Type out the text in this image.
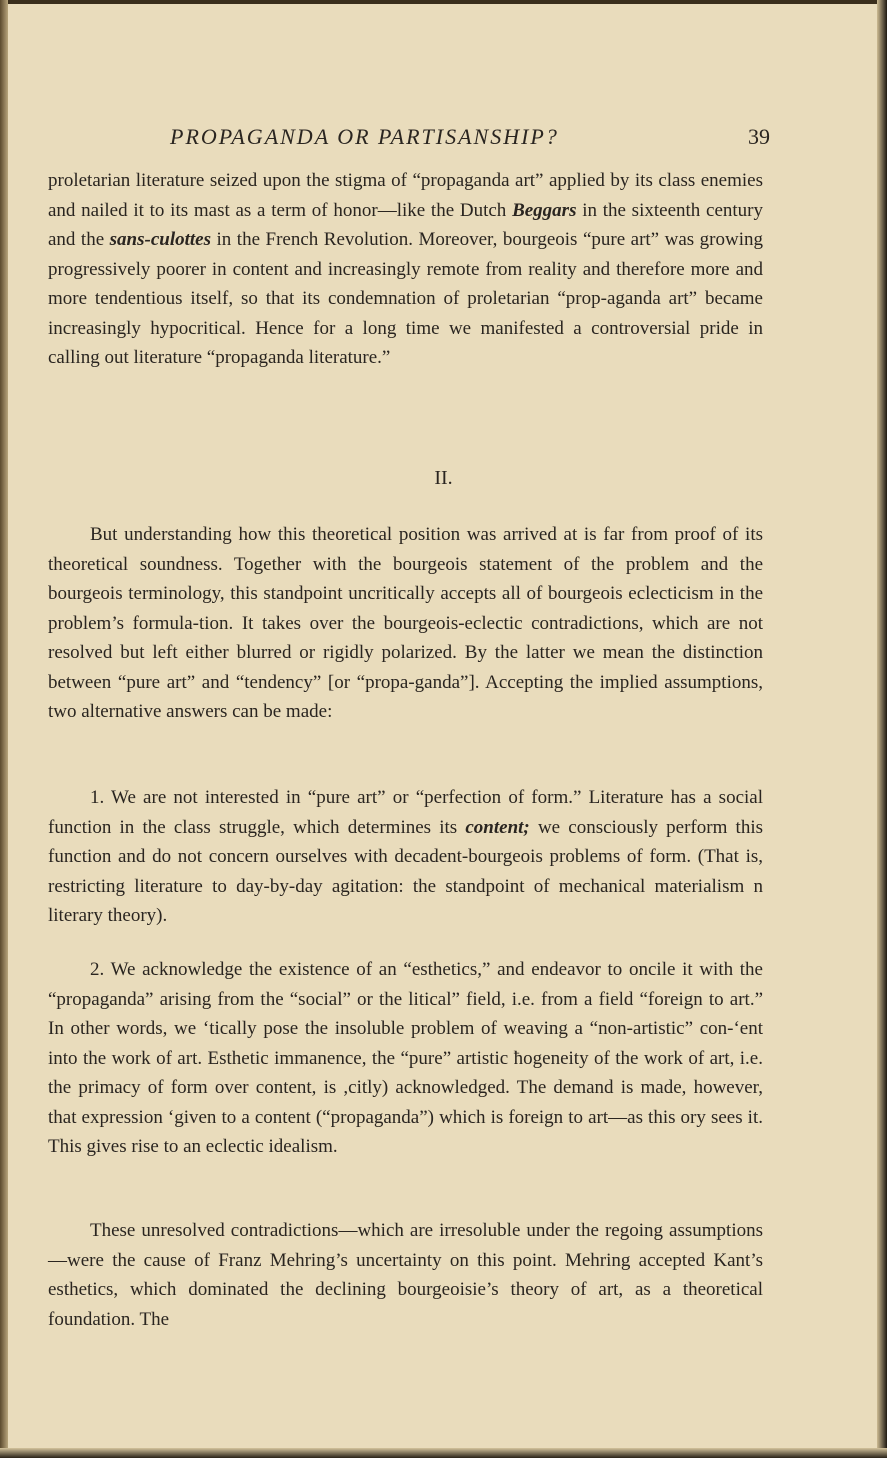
PROPAGANDA OR PARTISANSHIP?	39

proletarian literature seized upon the stigma of “propaganda art” applied by its class enemies and nailed it to its mast as a term of honor—like the Dutch Beggars in the sixteenth century and the sans-culottes in the French Revolution. Moreover, bourgeois “pure art” was growing progressively poorer in content and increasingly remote from reality and therefore more and more tendentious itself, so that its condemnation of proletarian “prop-aganda art” became increasingly hypocritical. Hence for a long time we manifested a controversial pride in calling out literature “propaganda literature.”

II.

But understanding how this theoretical position was arrived at is far from proof of its theoretical soundness. Together with the bourgeois statement of the problem and the bourgeois terminology, this standpoint uncritically accepts all of bourgeois eclecticism in the problem’s formula-tion. It takes over the bourgeois-eclectic contradictions, which are not resolved but left either blurred or rigidly polarized. By the latter we mean the distinction between “pure art” and “tendency” [or “propa-ganda”]. Accepting the implied assumptions, two alternative answers can be made:

1. We are not interested in “pure art” or “perfection of form.” Literature has a social function in the class struggle, which determines its content; we consciously perform this function and do not concern ourselves with decadent-bourgeois problems of form. (That is, restricting literature to day-by-day agitation: the standpoint of mechanical materialism n literary theory).

2. We acknowledge the existence of an “esthetics,” and endeavor to oncile it with the “propaganda” arising from the “social” or the litical” field, i.e. from a field “foreign to art.” In other words, we ‘tically pose the insoluble problem of weaving a “non-artistic” con-‘ent into the work of art. Esthetic immanence, the “pure” artistic ħogeneity of the work of art, i.e. the primacy of form over content, is ,citly) acknowledged. The demand is made, however, that expression ʻgiven to a content (“propaganda”) which is foreign to art—as this ory sees it. This gives rise to an eclectic idealism.

These unresolved contradictions—which are irresoluble under the regoing assumptions—were the cause of Franz Mehring’s uncertainty on this point. Mehring accepted Kant’s esthetics, which dominated the declining bourgeoisie’s theory of art, as a theoretical foundation. The
